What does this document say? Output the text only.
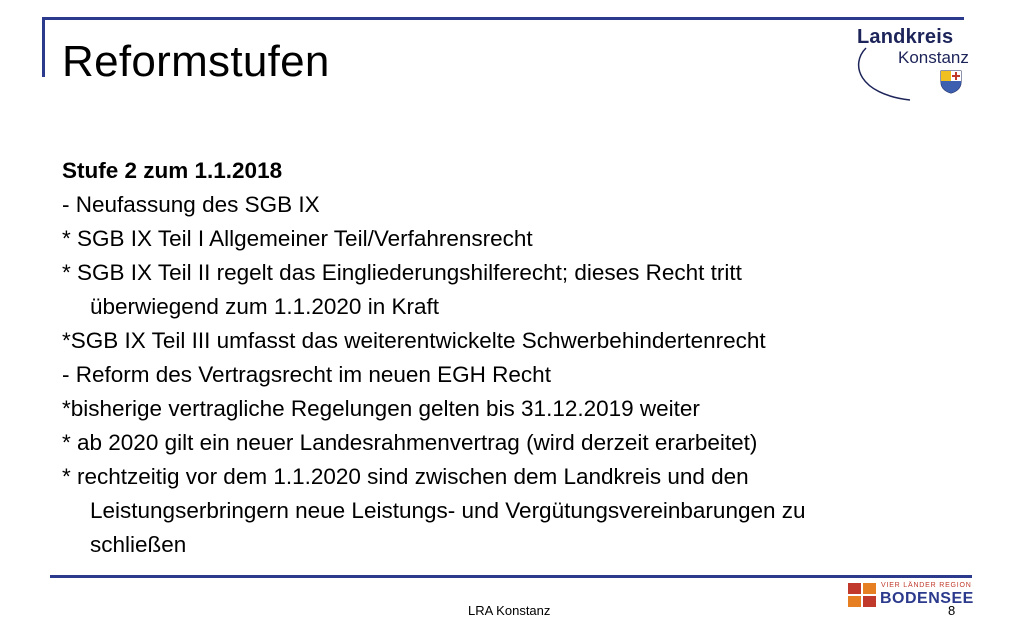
Reformstufen	Landkreis
Konstanz
Stufe 2 zum 1.1.2018
- Neufassung des SGB IX
* SGB IX Teil I Allgemeiner Teil/Verfahrensrecht
* SGB IX Teil II regelt das Eingliederungshilferecht; dieses Recht tritt
überwiegend zum 1.1.2020 in Kraft
*SGB IX Teil III umfasst das weiterentwickelte Schwerbehindertenrecht
- Reform des Vertragsrecht im neuen EGH Recht
*bisherige vertragliche Regelungen gelten bis 31.12.2019 weiter
* ab 2020 gilt ein neuer Landesrahmenvertrag (wird derzeit erarbeitet)
* rechtzeitig vor dem 1.1.2020 sind zwischen dem Landkreis und den
Leistungserbringern neue Leistungs- und Vergütungsvereinbarungen zu
schließen
LRA Konstanz	8
VIER LÄNDER REGION
BODENSEE
